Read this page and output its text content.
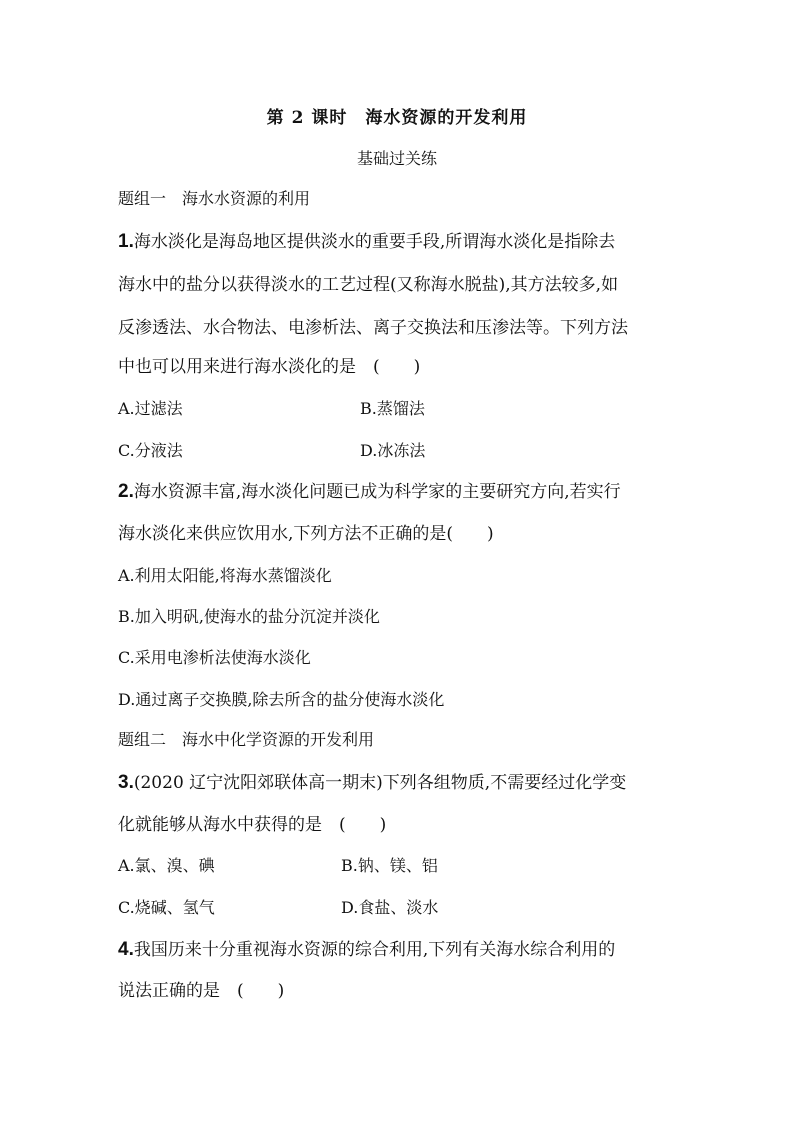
第 2 课时　海水资源的开发利用
基础过关练
题组一　海水水资源的利用
1.海水淡化是海岛地区提供淡水的重要手段,所谓海水淡化是指除去
海水中的盐分以获得淡水的工艺过程(又称海水脱盐),其方法较多,如
反渗透法、水合物法、电渗析法、离子交换法和压渗法等。下列方法
中也可以用来进行海水淡化的是　(　　)
A.过滤法	B.蒸馏法
C.分液法	D.冰冻法
2.海水资源丰富,海水淡化问题已成为科学家的主要研究方向,若实行
海水淡化来供应饮用水,下列方法不正确的是(　　)
A.利用太阳能,将海水蒸馏淡化
B.加入明矾,使海水的盐分沉淀并淡化
C.采用电渗析法使海水淡化
D.通过离子交换膜,除去所含的盐分使海水淡化
题组二　海水中化学资源的开发利用
3.(2020 辽宁沈阳郊联体高一期末)下列各组物质,不需要经过化学变
化就能够从海水中获得的是　(　　)
A.氯、溴、碘	B.钠、镁、铝
C.烧碱、氢气	D.食盐、淡水
4.我国历来十分重视海水资源的综合利用,下列有关海水综合利用的
说法正确的是　(　　)
